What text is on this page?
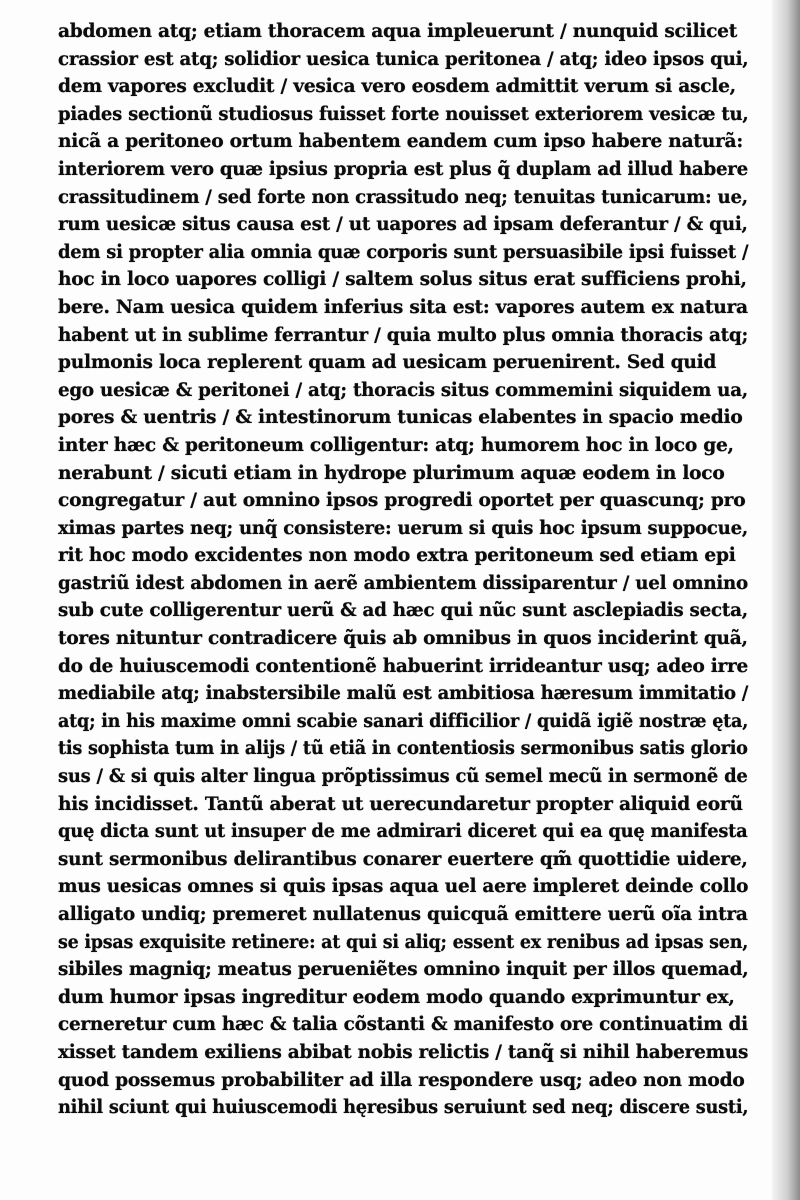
abdomen atq; etiam thoracem aqua impleuerunt / nunquid scilicet
crassior est atq; solidior uesica tunica peritonea / atq; ideo ipsos qui,
dem vapores excludit / vesica vero eosdem admittit verum si ascle,
piades sectionũ studiosus fuisset forte nouisset exteriorem vesicæ tu,
nicã a peritoneo ortum habentem eandem cum ipso habere naturã:
interiorem vero quæ ipsius propria est plus q̃ duplam ad illud habere
crassitudinem / sed forte non crassitudo neq; tenuitas tunicarum: ue,
rum uesicæ situs causa est / ut uapores ad ipsam deferantur / & qui,
dem si propter alia omnia quæ corporis sunt persuasibile ipsi fuisset /
hoc in loco uapores colligi / saltem solus situs erat sufficiens prohi,
bere. Nam uesica quidem inferius sita est: vapores autem ex natura
habent ut in sublime ferrantur / quia multo plus omnia thoracis atq;
pulmonis loca replerent quam ad uesicam peruenirent. Sed quid
ego uesicæ & peritonei / atq; thoracis situs commemini siquidem ua,
pores & uentris / & intestinorum tunicas elabentes in spacio medio
inter hæc & peritoneum colligentur: atq; humorem hoc in loco ge,
nerabunt / sicuti etiam in hydrope plurimum aquæ eodem in loco
congregatur / aut omnino ipsos progredi oportet per quascunq; pro
ximas partes neq; unq̃ consistere: uerum si quis hoc ipsum suppoсue,
rit hoc modo excidentes non modo extra peritoneum sed etiam epi
gastriũ idest abdomen in aerẽ ambientem dissiparentur / uel omnino
sub cute colligerentur uerũ & ad hæc qui nũc sunt asclepiadis secta,
tores nituntur contradicere q̃uis ab omnibus in quos inciderint quã,
do de huiuscemodi contentionẽ habuerint irrideantur usq; adeo irre
mediabile atq; inabstersibile malũ est ambitiosa hæresum immitatio /
atq; in his maxime omni scabie sanari difficilior / quidã igiẽ nostræ ęta,
tis sophista tum in alijs / tũ etiã in contentiosis sermonibus satis glorio
sus / & si quis alter lingua prõptissimus cũ semel mecũ in sermonẽ de
his incidisset. Tantũ aberat ut uerecundaretur propter aliquid eorũ
quę dicta sunt ut insuper de me admirari diceret qui ea quę manifesta
sunt sermonibus delirantibus conarer euertere qm̃ quottidie uidere,
mus uesicas omnes si quis ipsas aqua uel aere impleret deinde collo
alligato undiq; premeret nullatenus quicquã emittere uerũ oĩa intra
se ipsas exquisite retinere: at qui si aliq; essent ex renibus ad ipsas sen,
sibiles magniq; meatus perueniẽtes omnino inquit per illos quemad,
dum humor ipsas ingreditur eodem modo quando exprimuntur ex,
cerneretur cum hæc & talia cõstanti & manifesto ore continuatim di
xisset tandem exiliens abibat nobis relictis / tanq̃ si nihil haberemus
quod possemus probabiliter ad illa respondere usq; adeo non modo
nihil sciunt qui huiuscemodi hęresibus seruiunt sed neq; discere susti,
